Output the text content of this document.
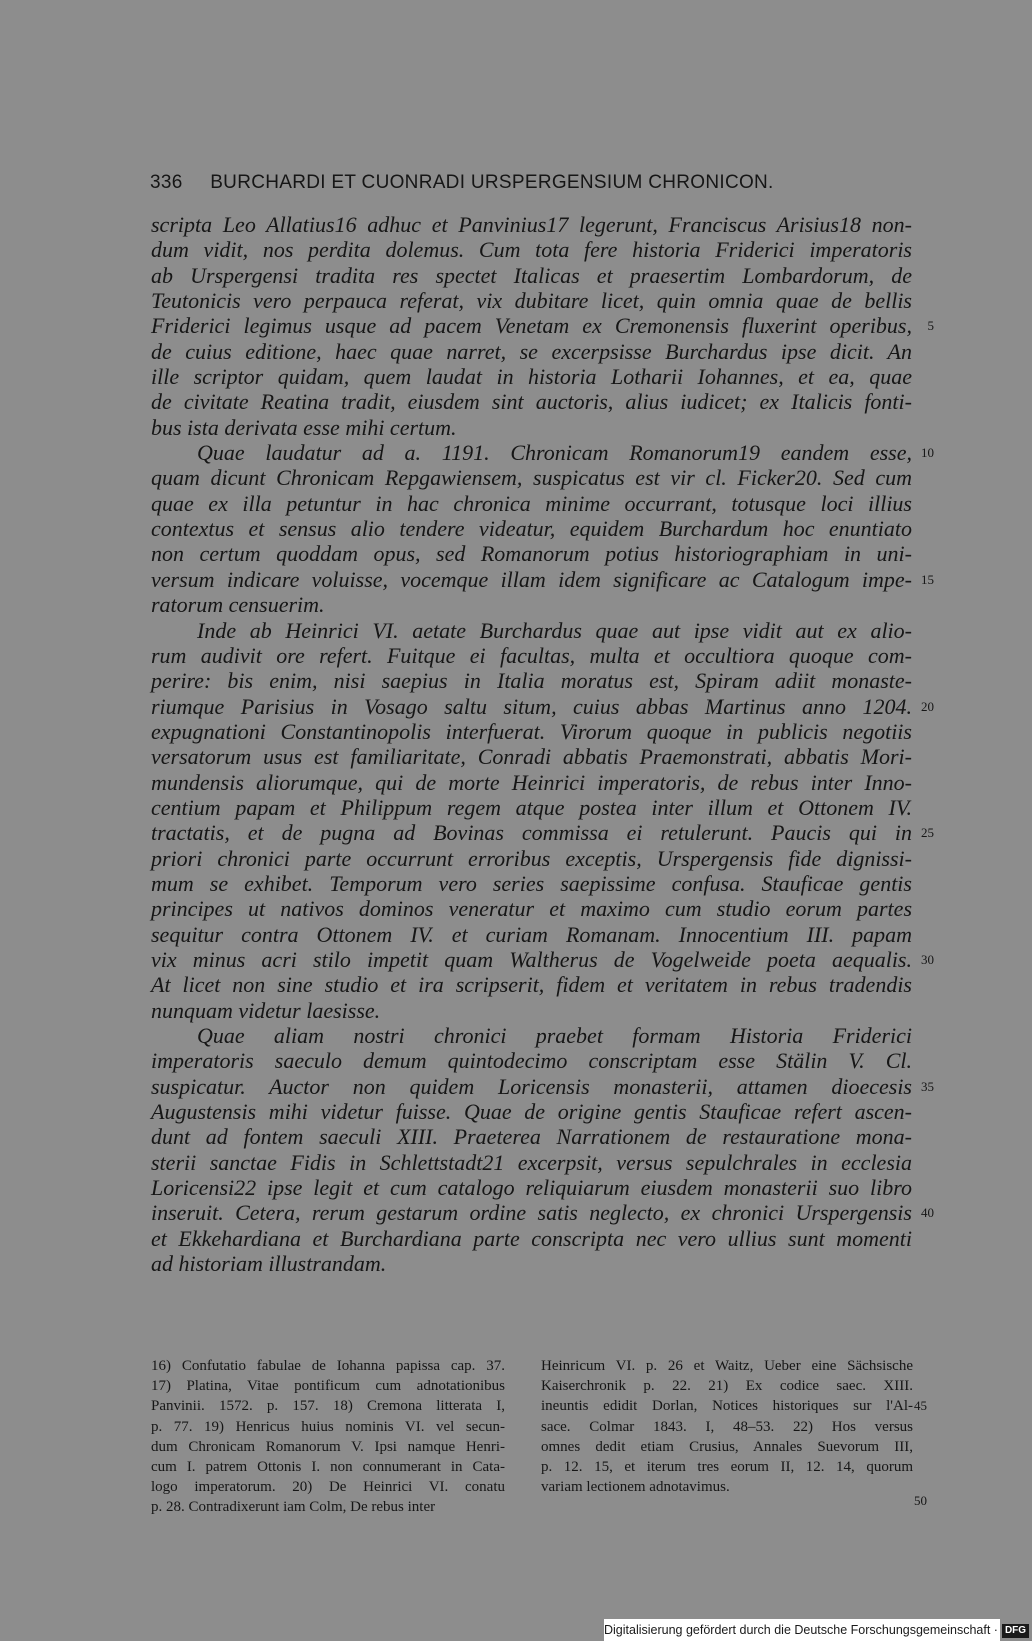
336 BURCHARDI ET CUONRADI URSPERGENSIUM CHRONICON.
scripta Leo Allatius16 adhuc et Panvinius17 legerunt, Franciscus Arisius18 non-
dum vidit, nos perdita dolemus. Cum tota fere historia Friderici imperatoris
ab Urspergensi tradita res spectet Italicas et praesertim Lombardorum, de
Teutonicis vero perpauca referat, vix dubitare licet, quin omnia quae de bellis
Friderici legimus usque ad pacem Venetam ex Cremonensis fluxerint operibus, 5
de cuius editione, haec quae narret, se excerpsisse Burchardus ipse dicit. An
ille scriptor quidam, quem laudat in historia Lotharii Iohannes, et ea, quae
de civitate Reatina tradit, eiusdem sint auctoris, alius iudicet; ex Italicis fonti-
bus ista derivata esse mihi certum.
Quae laudatur ad a. 1191. Chronicam Romanorum19 eandem esse, 10
quam dicunt Chronicam Repgawiensem, suspicatus est vir cl. Ficker20. Sed cum
quae ex illa petuntur in hac chronica minime occurrant, totusque loci illius
contextus et sensus alio tendere videatur, equidem Burchardum hoc enuntiato
non certum quoddam opus, sed Romanorum potius historiographiam in uni-
versum indicare voluisse, vocemque illam idem significare ac Catalogum impe- 15
ratorum censuerim.
Inde ab Heinrici VI. aetate Burchardus quae aut ipse vidit aut ex alio-
rum audivit ore refert. Fuitque ei facultas, multa et occultiora quoque com-
perire: bis enim, nisi saepius in Italia moratus est, Spiram adiit monaste-
riumque Parisius in Vosago saltu situm, cuius abbas Martinus anno 1204. 20
expugnationi Constantinopolis interfuerat. Virorum quoque in publicis negotiis
versatorum usus est familiaritate, Conradi abbatis Praemonstrati, abbatis Mori-
mundensis aliorumque, qui de morte Heinrici imperatoris, de rebus inter Inno-
centium papam et Philippum regem atque postea inter illum et Ottonem IV.
tractatis, et de pugna ad Bovinas commissa ei retulerunt. Paucis qui in 25
priori chronici parte occurrunt erroribus exceptis, Urspergensis fide dignissi-
mum se exhibet. Temporum vero series saepissime confusa. Stauficae gentis
principes ut nativos dominos veneratur et maximo cum studio eorum partes
sequitur contra Ottonem IV. et curiam Romanam. Innocentium III. papam
vix minus acri stilo impetit quam Waltherus de Vogelweide poeta aequalis. 30
At licet non sine studio et ira scripserit, fidem et veritatem in rebus tradendis
nunquam videtur laesisse.
Quae aliam nostri chronici praebet formam Historia Friderici
imperatoris saeculo demum quintodecimo conscriptam esse Stälin V. Cl.
suspicatur. Auctor non quidem Loricensis monasterii, attamen dioecesis 35
Augustensis mihi videtur fuisse. Quae de origine gentis Stauficae refert ascen-
dunt ad fontem saeculi XIII. Praeterea Narrationem de restauratione mona-
sterii sanctae Fidis in Schlettstadt21 excerpsit, versus sepulchrales in ecclesia
Loricensi22 ipse legit et cum catalogo reliquiarum eiusdem monasterii suo libro
inseruit. Cetera, rerum gestarum ordine satis neglecto, ex chronici Urspergensis 40
et Ekkehardiana et Burchardiana parte conscripta nec vero ullius sunt momenti
ad historiam illustrandam.
16) Confutatio fabulae de Iohanna papissa cap. 37.
17) Platina, Vitae pontificum cum adnotationibus
Panvinii. 1572. p. 157. 18) Cremona litterata I,
p. 77. 19) Henricus huius nominis VI. vel secun-
dum Chronicam Romanorum V. Ipsi namque Henri-
cum I. patrem Ottonis I. non connumerant in Cata-
logo imperatorum. 20) De Heinrici VI. conatu
p. 28. Contradixerunt iam Colm, De rebus inter
Heinricum VI. p. 26 et Waitz, Ueber eine Sächsische
Kaiserchronik p. 22. 21) Ex codice saec. XIII.
ineuntis edidit Dorlan, Notices historiques sur l'Al-
sace. Colmar 1843. I, 48–53. 22) Hos versus
omnes dedit etiam Crusius, Annales Suevorum III,
p. 12. 15, et iterum tres eorum II, 12. 14, quorum
variam lectionem adnotavimus.
45
50
Digitalisierung gefördert durch die Deutsche Forschungsgemeinschaft · DFG
